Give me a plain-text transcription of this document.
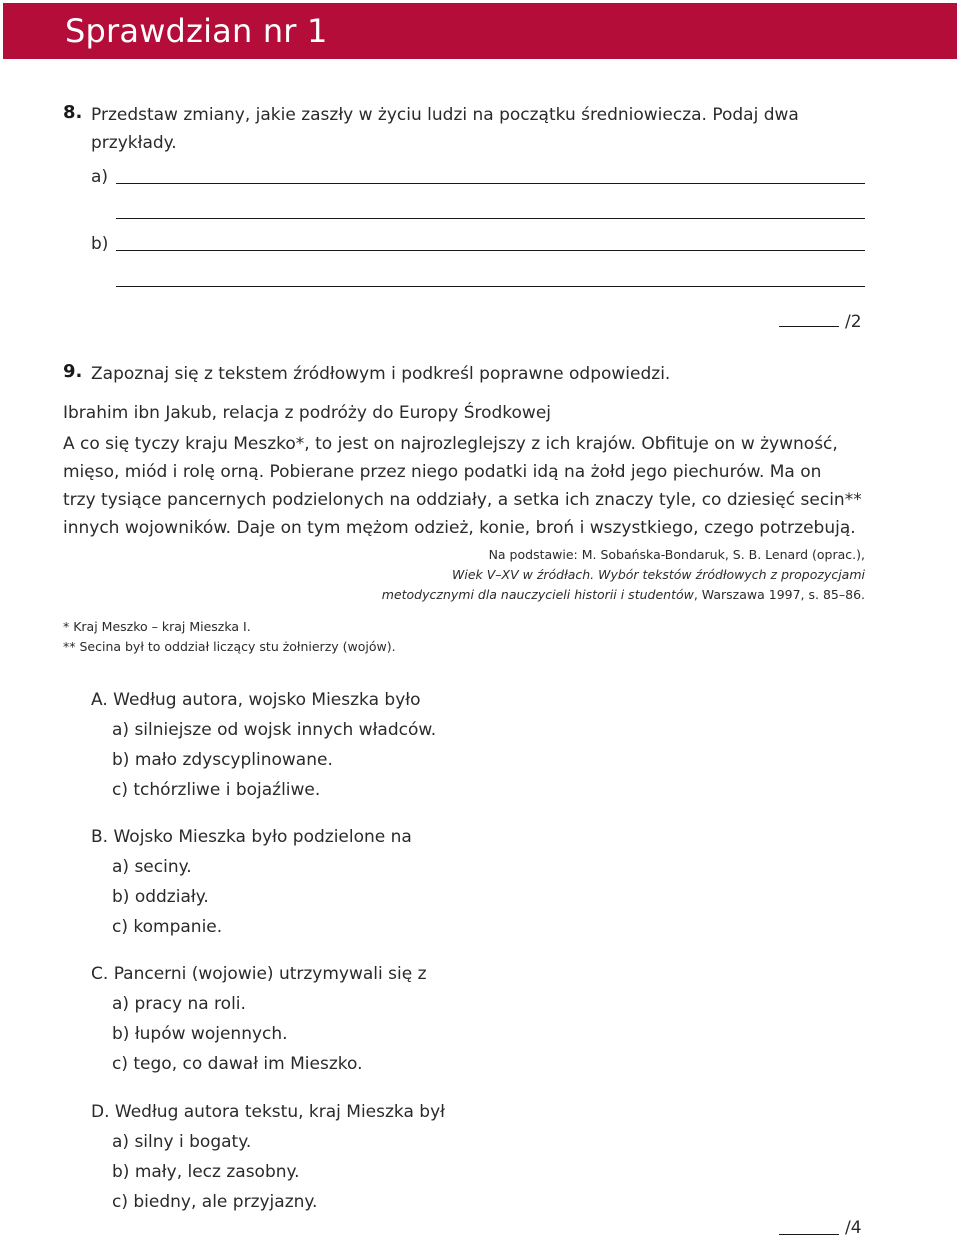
Sprawdzian nr 1
8. Przedstaw zmiany, jakie zaszły w życiu ludzi na początku średniowiecza. Podaj dwa
przykłady.
a)
b)
/2
9. Zapoznaj się z tekstem źródłowym i podkreśl poprawne odpowiedzi.
Ibrahim ibn Jakub, relacja z podróży do Europy Środkowej
A co się tyczy kraju Meszko*, to jest on najrozleglejszy z ich krajów. Obfituje on w żywność,
mięso, miód i rolę orną. Pobierane przez niego podatki idą na żołd jego piechurów. Ma on
trzy tysiące pancernych podzielonych na oddziały, a setka ich znaczy tyle, co dziesięć secin**
innych wojowników. Daje on tym mężom odzież, konie, broń i wszystkiego, czego potrzebują.
Na podstawie: M. Sobańska-Bondaruk, S. B. Lenard (oprac.),
Wiek V–XV w źródłach. Wybór tekstów źródłowych z propozycjami
metodycznymi dla nauczycieli historii i studentów, Warszawa 1997, s. 85–86.
* Kraj Meszko – kraj Mieszka I.
** Secina był to oddział liczący stu żołnierzy (wojów).
A. Według autora, wojsko Mieszka było
a) silniejsze od wojsk innych władców.
b) mało zdyscyplinowane.
c) tchórzliwe i bojaźliwe.
B. Wojsko Mieszka było podzielone na
a) seciny.
b) oddziały.
c) kompanie.
C. Pancerni (wojowie) utrzymywali się z
a) pracy na roli.
b) łupów wojennych.
c) tego, co dawał im Mieszko.
D. Według autora tekstu, kraj Mieszka był
a) silny i bogaty.
b) mały, lecz zasobny.
c) biedny, ale przyjazny.
/4
